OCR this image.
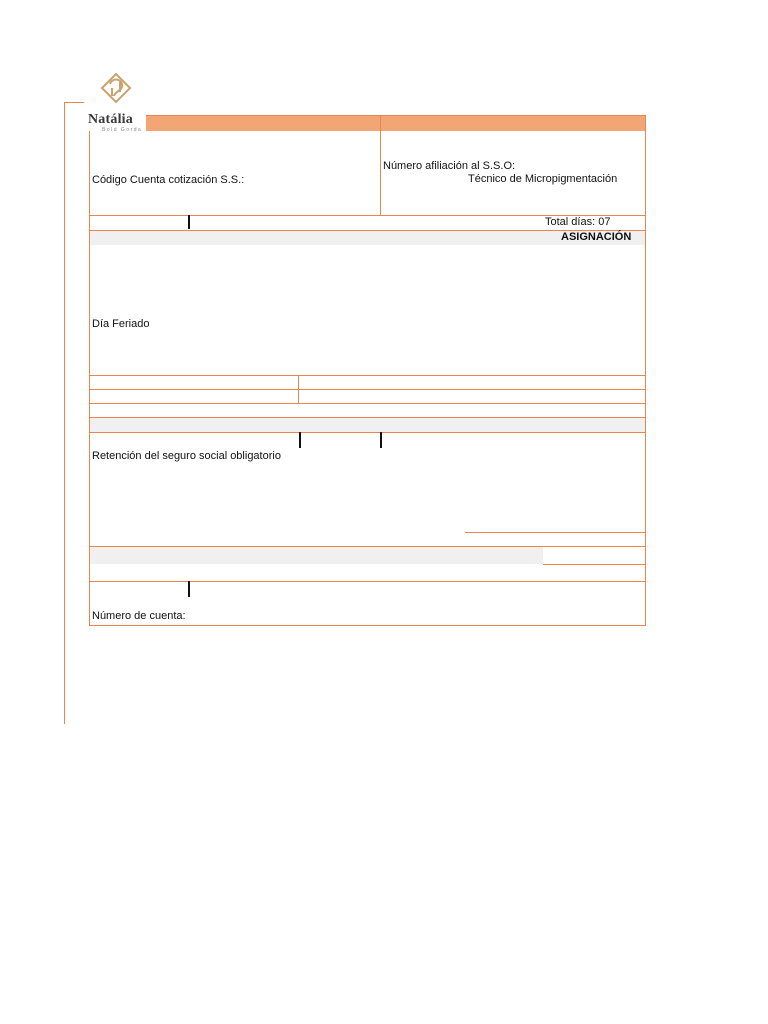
Natália
Bold Gorda
Código Cuenta cotización S.S.:
Número afiliación al S.S.O:
Técnico de Micropigmentación
Total días: 07
ASIGNACIÓN
Día Feriado
Retención del seguro social obligatorio
Número de cuenta:
